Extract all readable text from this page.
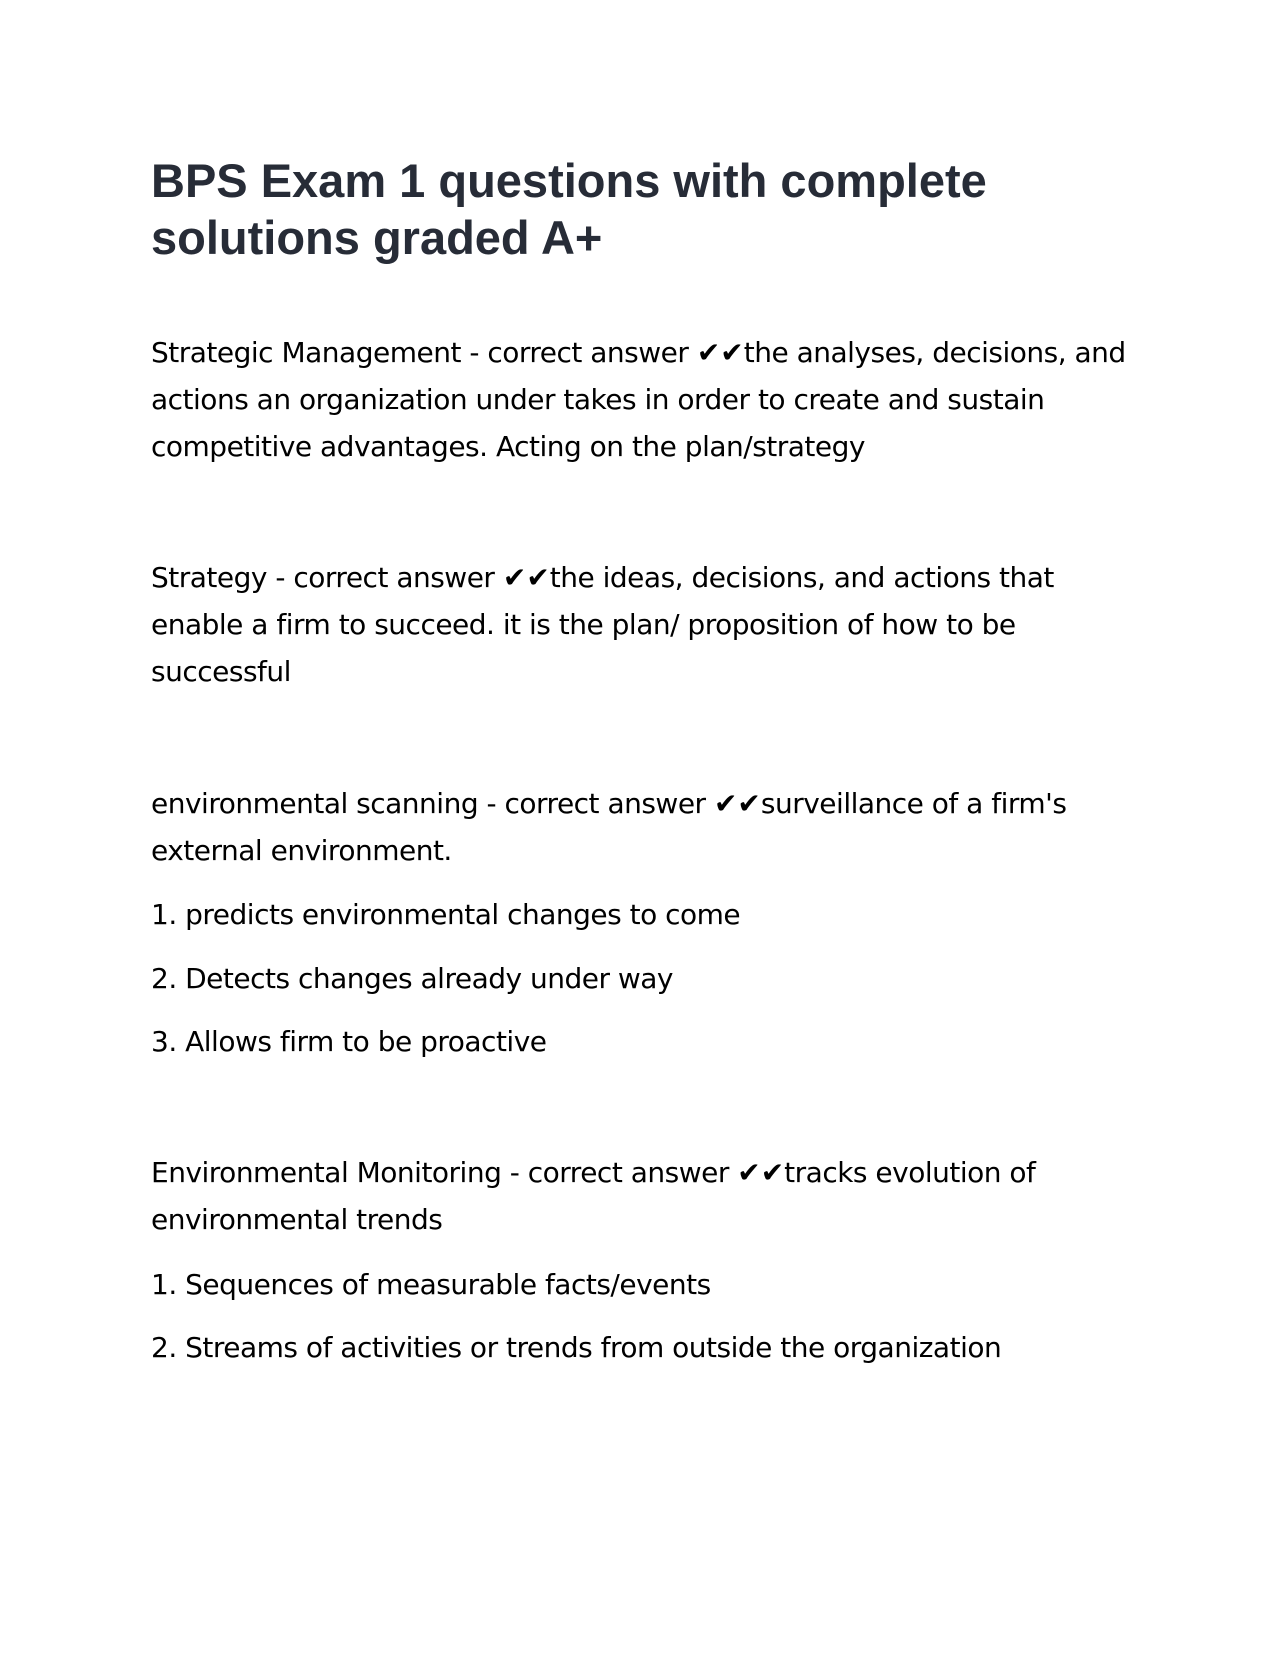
BPS Exam 1 questions with complete solutions graded A+

Strategic Management - correct answer ✔✔the analyses, decisions, and actions an organization under takes in order to create and sustain competitive advantages. Acting on the plan/strategy

Strategy - correct answer ✔✔the ideas, decisions, and actions that enable a firm to succeed. it is the plan/ proposition of how to be successful

environmental scanning - correct answer ✔✔surveillance of a firm's external environment.

1. predicts environmental changes to come

2. Detects changes already under way

3. Allows firm to be proactive

Environmental Monitoring - correct answer ✔✔tracks evolution of environmental trends

1. Sequences of measurable facts/events

2. Streams of activities or trends from outside the organization
